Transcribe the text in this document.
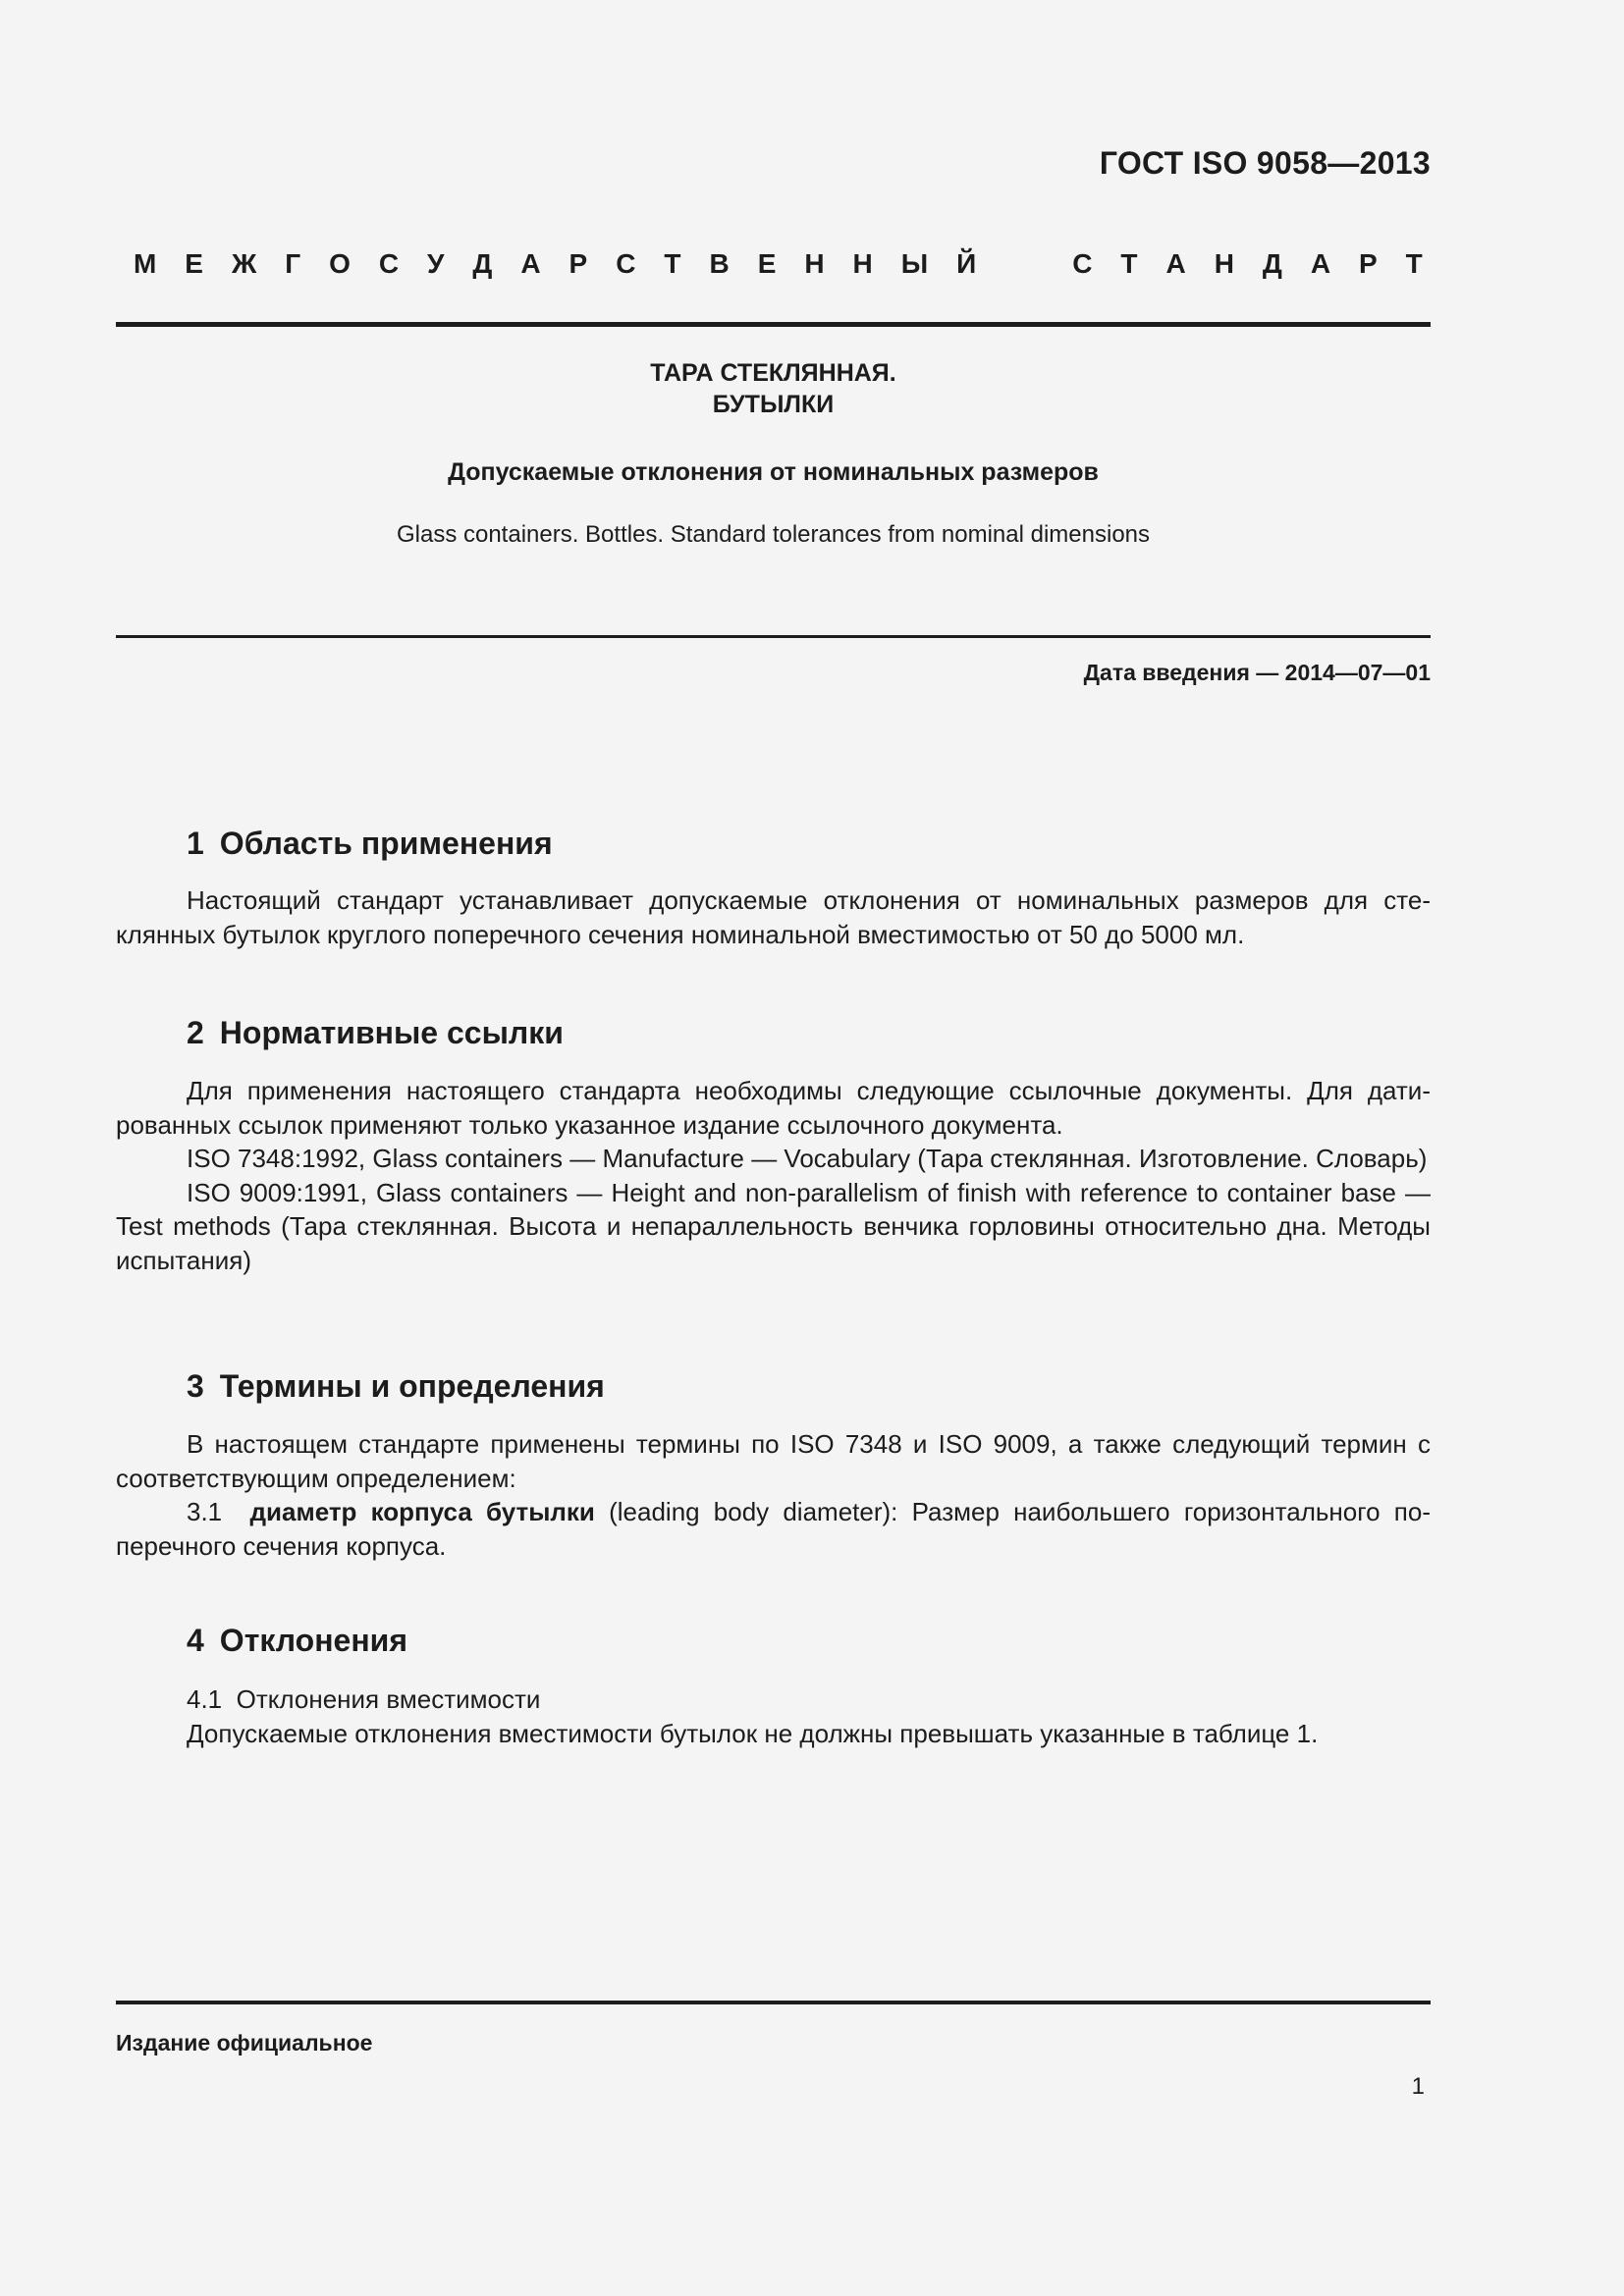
ГОСТ ISO 9058—2013
М Е Ж Г О С У Д А Р С Т В Е Н Н Ы Й	С Т А Н Д А Р Т
ТАРА СТЕКЛЯННАЯ.
БУТЫЛКИ
Допускаемые отклонения от номинальных размеров
Glass containers. Bottles. Standard tolerances from nominal dimensions
Дата введения — 2014—07—01
1 Область применения

Настоящий стандарт устанавливает допускаемые отклонения от номинальных размеров для сте-клянных бутылок круглого поперечного сечения номинальной вместимостью от 50 до 5000 мл.

2 Нормативные ссылки

Для применения настоящего стандарта необходимы следующие ссылочные документы. Для дати-рованных ссылок применяют только указанное издание ссылочного документа.

ISO 7348:1992, Glass containers — Manufacture — Vocabulary (Тара стеклянная. Изготовление. Словарь)

ISO 9009:1991, Glass containers — Height and non-parallelism of finish with reference to container base — Test methods (Тара стеклянная. Высота и непараллельность венчика горловины относительно дна. Методы испытания)

3 Термины и определения

В настоящем стандарте применены термины по ISO 7348 и ISO 9009, а также следующий термин с соответствующим определением:

3.1 диаметр корпуса бутылки (leading body diameter): Размер наибольшего горизонтального по-перечного сечения корпуса.

4 Отклонения

4.1 Отклонения вместимости

Допускаемые отклонения вместимости бутылок не должны превышать указанные в таблице 1.

Издание официальное
1
